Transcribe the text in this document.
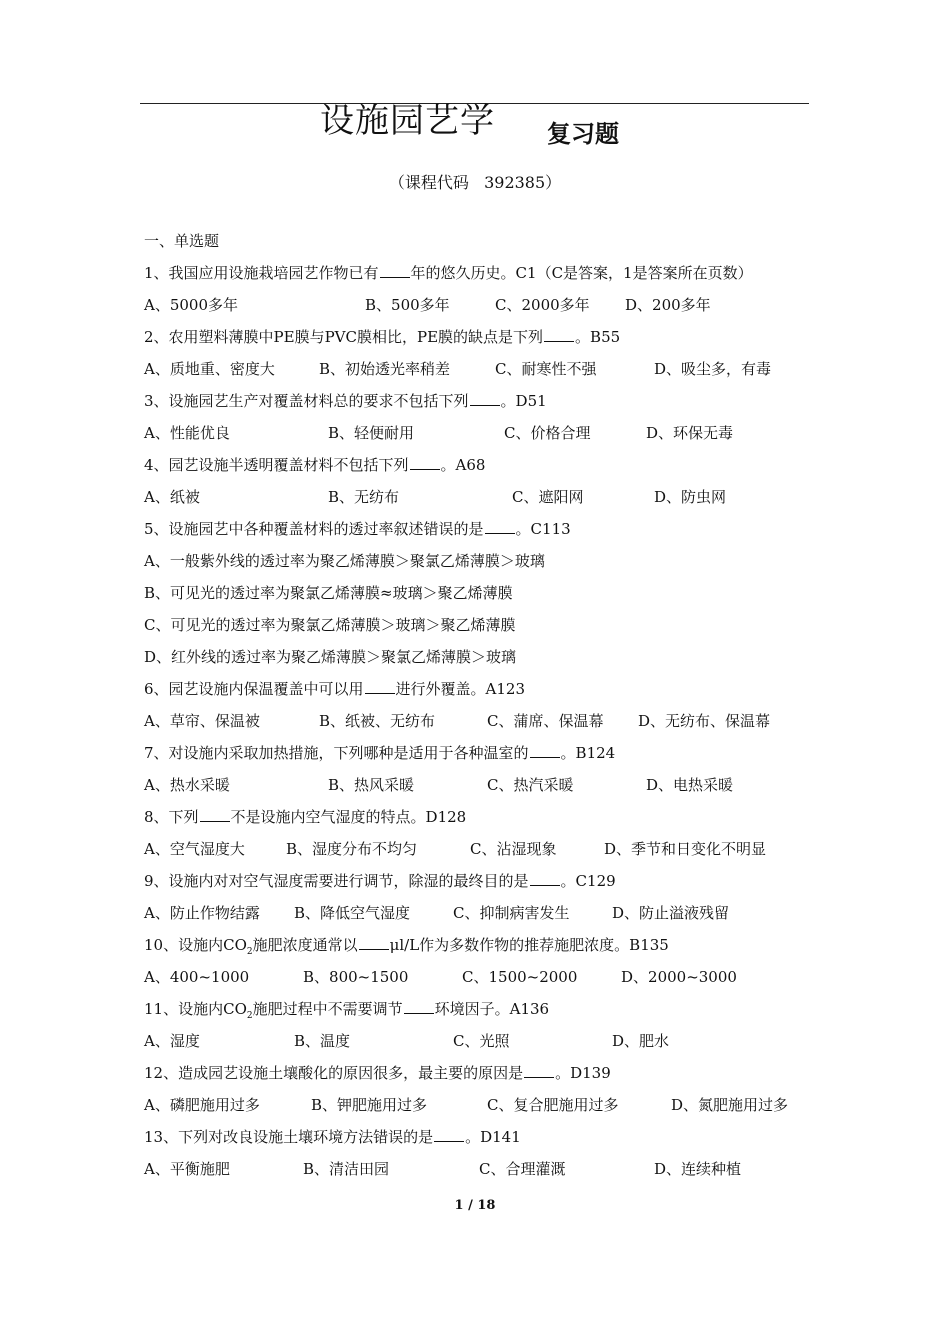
设施园艺学 复习题
（课程代码   392385）
一、单选题
1、我国应用设施栽培园艺作物已有 年的悠久历史。C1（C是答案，1是答案所在页数）
A、5000多年	B、500多年	C、2000多年 D、200多年
2、农用塑料薄膜中PE膜与PVC膜相比，PE膜的缺点是下列 。B55
A、质地重、密度大	B、初始透光率稍差	C、耐寒性不强	D、吸尘多，有毒
3、设施园艺生产对覆盖材料总的要求不包括下列 。D51
A、性能优良	B、轻便耐用	C、价格合理	D、环保无毒
4、园艺设施半透明覆盖材料不包括下列 。A68
A、纸被	B、无纺布	C、遮阳网	D、防虫网
5、设施园艺中各种覆盖材料的透过率叙述错误的是 。C113
A、一般紫外线的透过率为聚乙烯薄膜＞聚氯乙烯薄膜＞玻璃
B、可见光的透过率为聚氯乙烯薄膜≈玻璃＞聚乙烯薄膜
C、可见光的透过率为聚氯乙烯薄膜＞玻璃＞聚乙烯薄膜
D、红外线的透过率为聚乙烯薄膜＞聚氯乙烯薄膜＞玻璃
6、园艺设施内保温覆盖中可以用 进行外覆盖。A123
A、草帘、保温被	B、纸被、无纺布	C、蒲席、保温幕 D、无纺布、保温幕
7、对设施内采取加热措施，下列哪种是适用于各种温室的 。B124
A、热水采暖	B、热风采暖	C、热汽采暖	D、电热采暖
8、下列 不是设施内空气湿度的特点。D128
A、空气湿度大	B、湿度分布不均匀	C、沾湿现象	D、季节和日变化不明显
9、设施内对对空气湿度需要进行调节，除湿的最终目的是 。C129
A、防止作物结露 B、降低空气湿度	C、抑制病害发生	D、防止溢液残留
10、设施内$CO_2$施肥浓度通常以 μl/L作为多数作物的推荐施肥浓度。B135
A、400~1000	B、800~1500	C、1500~2000	D、2000~3000
11、设施内$CO_2$施肥过程中不需要调节 环境因子。A136
A、湿度	B、温度	C、光照	D、肥水
12、造成园艺设施土壤酸化的原因很多，最主要的原因是 。D139
A、磷肥施用过多	B、钾肥施用过多	C、复合肥施用过多	D、氮肥施用过多
13、下列对改良设施土壤环境方法错误的是 。D141
A、平衡施肥	B、清洁田园	C、合理灌溉	D、连续种植
1 / 18
